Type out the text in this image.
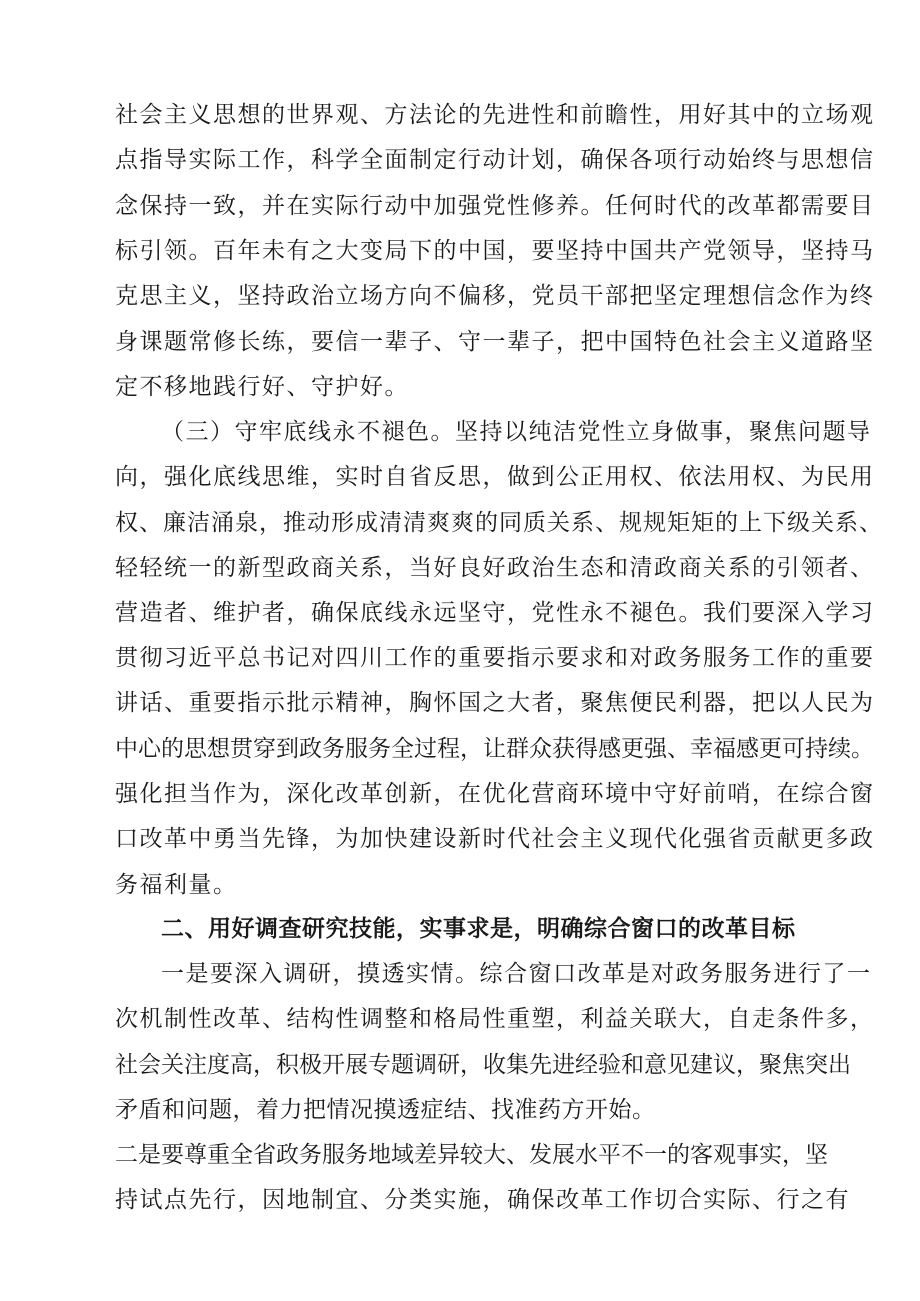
社会主义思想的世界观、方法论的先进性和前瞻性，用好其中的立场观
点指导实际工作，科学全面制定行动计划，确保各项行动始终与思想信
念保持一致，并在实际行动中加强党性修养。任何时代的改革都需要目
标引领。百年未有之大变局下的中国，要坚持中国共产党领导，坚持马
克思主义，坚持政治立场方向不偏移，党员干部把坚定理想信念作为终
身课题常修长练，要信一辈子、守一辈子，把中国特色社会主义道路坚
定不移地践行好、守护好。
（三）守牢底线永不褪色。坚持以纯洁党性立身做事，聚焦问题导
向，强化底线思维，实时自省反思，做到公正用权、依法用权、为民用
权、廉洁涌泉，推动形成清清爽爽的同质关系、规规矩矩的上下级关系、
轻轻统一的新型政商关系，当好良好政治生态和清政商关系的引领者、
营造者、维护者，确保底线永远坚守，党性永不褪色。我们要深入学习
贯彻习近平总书记对四川工作的重要指示要求和对政务服务工作的重要
讲话、重要指示批示精神，胸怀国之大者，聚焦便民利器，把以人民为
中心的思想贯穿到政务服务全过程，让群众获得感更强、幸福感更可持续。
强化担当作为，深化改革创新，在优化营商环境中守好前哨，在综合窗
口改革中勇当先锋，为加快建设新时代社会主义现代化强省贡献更多政
务福利量。
二、用好调查研究技能，实事求是，明确综合窗口的改革目标
一是要深入调研，摸透实情。综合窗口改革是对政务服务进行了一
次机制性改革、结构性调整和格局性重塑，利益关联大，自走条件多，
社会关注度高，积极开展专题调研，收集先进经验和意见建议，聚焦突出
矛盾和问题，着力把情况摸透症结、找准药方开始。
二是要尊重全省政务服务地域差异较大、发展水平不一的客观事实，坚
持试点先行，因地制宜、分类实施，确保改革工作切合实际、行之有
